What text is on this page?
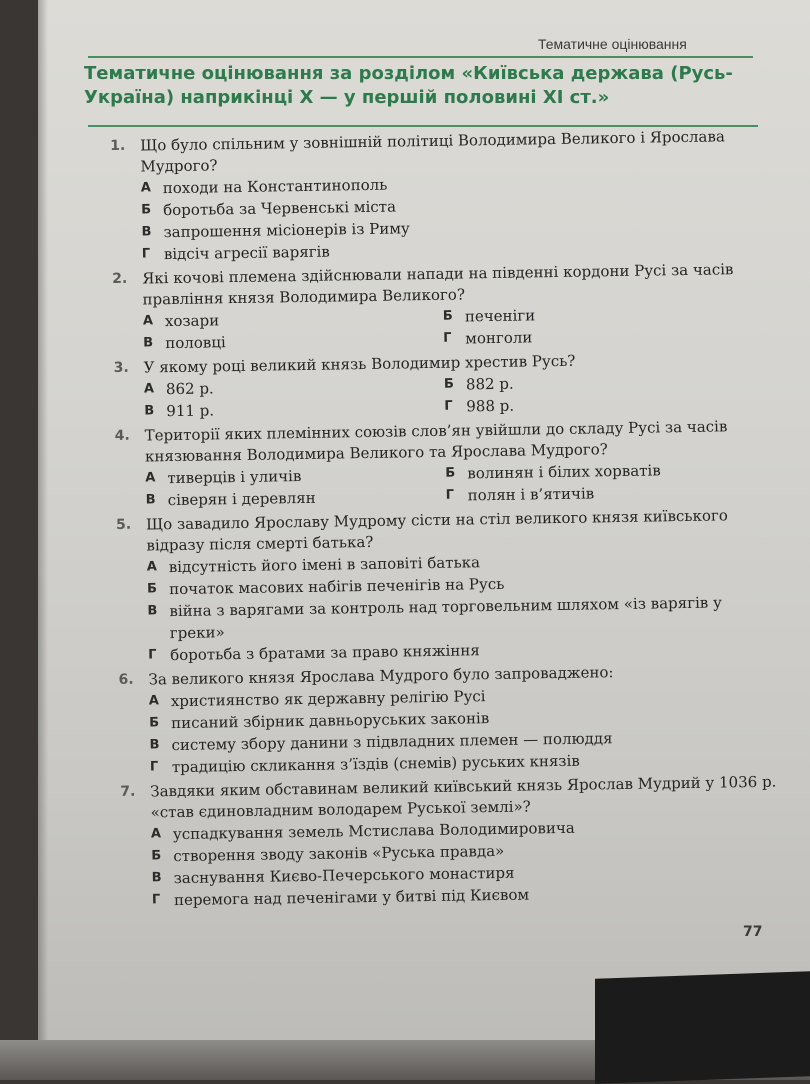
Тематичне оцінювання
Тематичне оцінювання за розділом «Київська держава (Русь-Україна) наприкінці X — у першій половині XI ст.»
1. Що було спільним у зовнішній політиці Володимира Великого і Ярослава Мудрого?
А походи на Константинополь
Б боротьба за Червенські міста
В запрошення місіонерів із Риму
Г відсіч агресії варягів
2. Які кочові племена здійснювали напади на південні кордони Русі за часів правління князя Володимира Великого?
А хозари	Б печеніги
В половці	Г монголи
3. У якому році великий князь Володимир хрестив Русь?
А 862 р.	Б 882 р.
В 911 р.	Г 988 р.
4. Території яких племінних союзів слов’ян увійшли до складу Русі за часів князювання Володимира Великого та Ярослава Мудрого?
А тиверців і уличів	Б волинян і білих хорватів
В сіверян і деревлян	Г полян і в’ятичів
5. Що завадило Ярославу Мудрому сісти на стіл великого князя київського відразу після смерті батька?
А відсутність його імені в заповіті батька
Б початок масових набігів печенігів на Русь
В війна з варягами за контроль над торговельним шляхом «із варягів у греки»
Г боротьба з братами за право княжіння
6. За великого князя Ярослава Мудрого було запроваджено:
А християнство як державну релігію Русі
Б писаний збірник давньоруських законів
В систему збору данини з підвладних племен — полюддя
Г традицію скликання з’їздів (снемів) руських князів
7. Завдяки яким обставинам великий київський князь Ярослав Мудрий у 1036 р. «став єдиновладним володарем Руської землі»?
А успадкування земель Мстислава Володимировича
Б створення зводу законів «Руська правда»
В заснування Києво-Печерського монастиря
Г перемога над печенігами у битві під Києвом
77
